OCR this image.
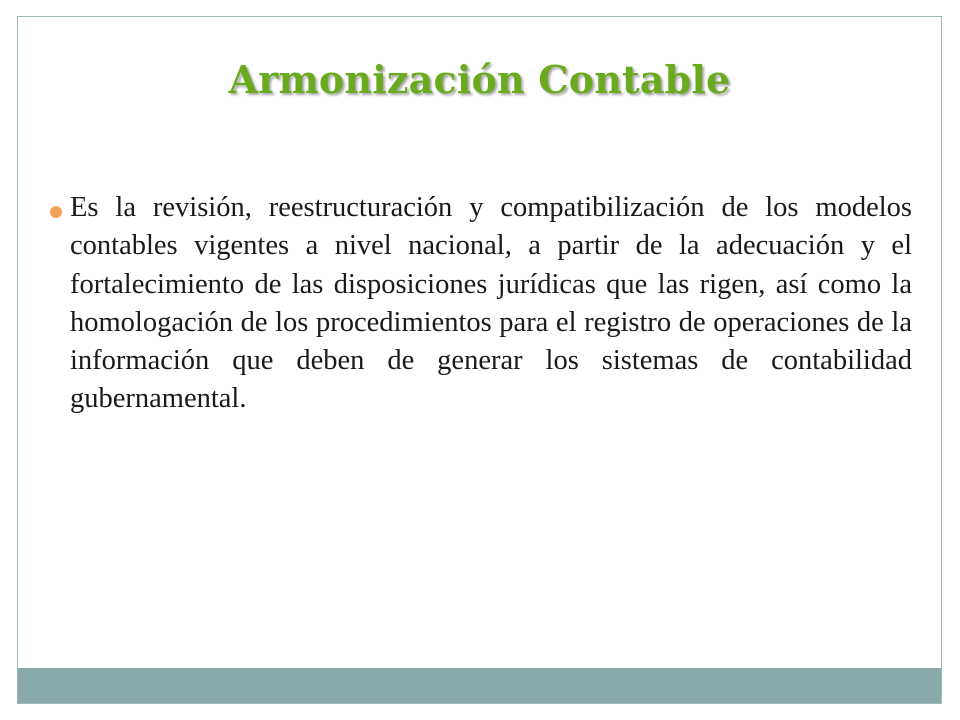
Armonización Contable
Es la revisión, reestructuración y compatibilización de los modelos contables vigentes a nivel nacional, a partir de la adecuación y el fortalecimiento de las disposiciones jurídicas que las rigen, así como la homologación de los procedimientos para el registro de operaciones de la información que deben de generar los sistemas de contabilidad gubernamental.
